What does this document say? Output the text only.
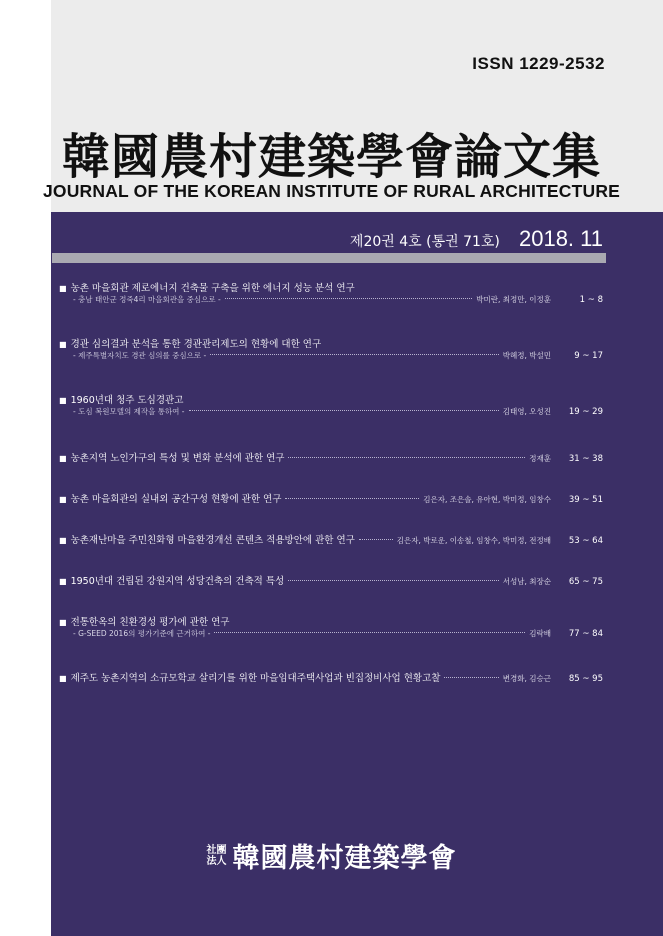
ISSN 1229-2532
韓國農村建築學會論文集
JOURNAL OF THE KOREAN INSTITUTE OF RURAL ARCHITECTURE
제20권 4호 (통권 71호) 2018. 11
■ 농촌 마을회관 제로에너지 건축물 구축을 위한 에너지 성능 분석 연구
- 충남 태안군 정죽4리 마을회관을 중심으로 -	박미란, 최정만, 이정훈	1 ~ 8
■ 경관 심의결과 분석을 통한 경관관리제도의 현황에 대한 연구
- 제주특별자치도 경관 심의를 중심으로 -	박혜정, 박설민	9 ~ 17
■ 1960년대 청주 도심경관고
- 도심 복원모델의 제작을 통하여 -	김태영, 오성진	19 ~ 29
■ 농촌지역 노인가구의 특성 및 변화 분석에 관한 연구	정재훈	31 ~ 38
■ 농촌 마을회관의 실내외 공간구성 현황에 관한 연구	김은자, 조은솔, 유아현, 박미정, 임창수	39 ~ 51
■ 농촌재난마을 주민친화형 마을환경개선 콘텐츠 적용방안에 관한 연구	김은자, 박로운, 이송철, 임창수, 박미정, 전정배	53 ~ 64
■ 1950년대 건립된 강원지역 성당건축의 건축적 특성	서성남, 최장순	65 ~ 75
■ 전통한옥의 친환경성 평가에 관한 연구
- G-SEED 2016의 평가기준에 근거하여 -	김락배	77 ~ 84
■ 제주도 농촌지역의 소규모학교 살리기를 위한 마을임대주택사업과 빈집정비사업 현황고찰	변경화, 김승근	85 ~ 95
社團
法人 韓國農村建築學會
